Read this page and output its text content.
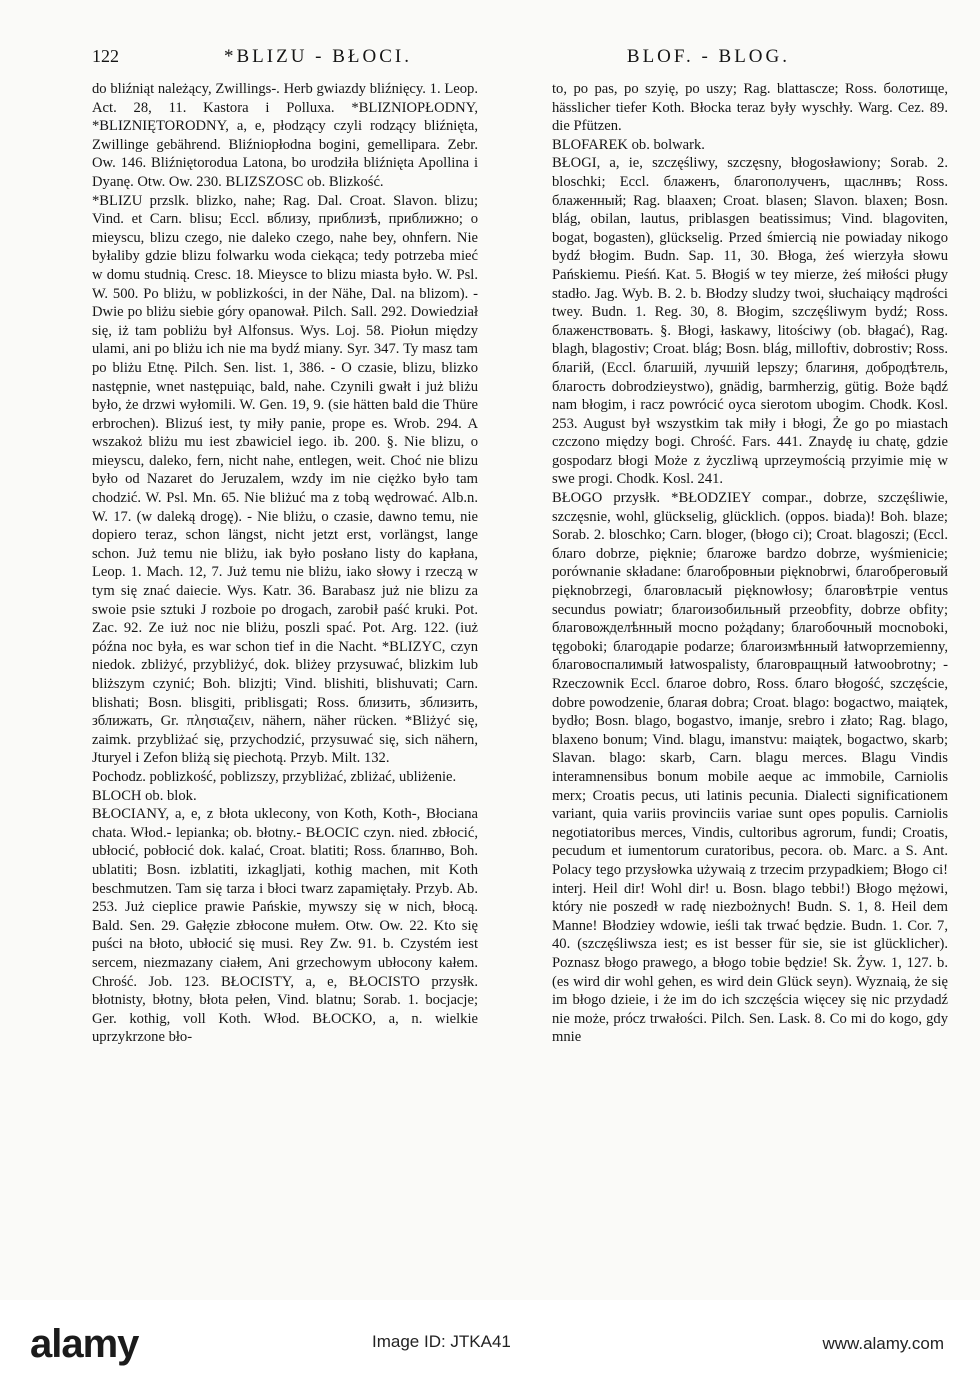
122	*BLIZU - BŁOCI.	BLOF. - BLOG.

do bliźniąt należący, Zwillings-. Herb gwiazdy bliźnięcy. 1. Leop. Act. 28, 11. Kastora i Polluxa. *BLIZNIOPŁODNY, *BLIZNIĘTORODNY, a, e, płodzący czyli rodzący bliźnięta, Zwillinge gebährend. Bliźniopłodna bogini, gemellipara. Zebr. Ow. 146. Bliźniętorodua Latona, bo urodziła bliźnięta Apollina i Dyanę. Otw. Ow. 230. BLIZSZOSC ob. Blizkość.

*BLIZU przslk. blizko, nahe; Rag. Dal. Croat. Slavon. blizu; Vind. et Carn. blisu; Eccl. вблизу, приблизѣ, приближно; o mieyscu, blizu czego, nie daleko czego, nahe bey, ohnfern. Nie byłaliby gdzie blizu folwarku woda ciekąca; tedy potrzeba mieć w domu studnią. Cresc. 18. Mieysce to blizu miasta było. W. Psl. W. 500. Po bliżu, w poblizkości, in der Nähe, Dal. na blizom). - Dwie po bliżu siebie góry opanował. Pilch. Sall. 292. Dowiedział się, iż tam pobliżu był Alfonsus. Wys. Loj. 58. Piołun między ulami, ani po bliżu ich nie ma bydź miany. Syr. 347. Ty masz tam po bliżu Etnę. Pilch. Sen. list. 1, 386. - O czasie, blizu, blizko następnie, wnet następuiąc, bald, nahe. Czynili gwałt i już bliżu było, że drzwi wyłomili. W. Gen. 19, 9. (sie hätten bald die Thüre erbrochen). Blizuś iest, ty miły panie, prope es. Wrob. 294. A wszakoż bliżu mu iest zbawiciel iego. ib. 200. §. Nie blizu, o mieyscu, daleko, fern, nicht nahe, entlegen, weit. Choć nie blizu było od Nazaret do Jeruzalem, wzdy im nie ciężko było tam chodzić. W. Psl. Mn. 65. Nie bliżuć ma z tobą wędrować. Alb.n. W. 17. (w daleką drogę). - Nie bliżu, o czasie, dawno temu, nie dopiero teraz, schon längst, nicht jetzt erst, vorlängst, lange schon. Już temu nie bliżu, iak było posłano listy do kapłana, Leop. 1. Mach. 12, 7. Już temu nie bliżu, iako słowy i rzeczą w tym się znać daiecie. Wys. Katr. 36. Barabasz już nie blizu za swoie psie sztuki J rozboie po drogach, zarobił paść kruki. Pot. Zac. 92. Ze iuż noc nie bliżu, poszli spać. Pot. Arg. 122. (iuż późna noc była, es war schon tief in die Nacht. *BLIZYC, czyn niedok. zbliżyć, przybliżyć, dok. bliżey przysuwać, blizkim lub bliższym czynić; Boh. blizjti; Vind. blishiti, blishuvati; Carn. blishati; Bosn. blisgiti, priblisgati; Ross. близить, зблизить, зближать, Gr. πλησιαζειν, nähern, näher rücken. *Bliżyć się, zaimk. przybliżać się, przychodzić, przysuwać się, sich nähern, Jturyel i Zefon bliżą się piechotą. Przyb. Milt. 132.

Pochodz. poblizkość, poblizszy, przybliżać, zbliżać, ubliżenie.

BLOCH ob. blok.

BŁOCIANY, a, e, z błota uklecony, von Koth, Koth-, Błociana chata. Włod.- lepianka; ob. błotny.- BŁOCIC czyn. nied. zbłocić, ubłocić, pobłocić dok. kalać, Croat. blatiti; Ross. блапнво, Boh. ublatiti; Bosn. izblatiti, izkagljati, kothig machen, mit Koth beschmutzen. Tam się tarza i błoci twarz zapamiętały. Przyb. Ab. 253. Już cieplice prawie Pańskie, mywszy się w nich, błocą. Bald. Sen. 29. Gałęzie zbłocone mułem. Otw. Ow. 22. Kto się puści na błoto, ubłocić się musi. Rey Zw. 91. b. Czystém iest sercem, niezmazany ciałem, Ani grzechowym ubłocony kałem. Chrość. Job. 123. BŁOCISTY, a, e, BŁOCISTO przysłk. błotnisty, błotny, błota pełen, Vind. blatnu; Sorab. 1. bocjacje; Ger. kothig, voll Koth. Włod. BŁOCKO, a, n. wielkie uprzykrzone bło-

to, po pas, po szyię, po uszy; Rag. blattascze; Ross. болотище, hässlicher tiefer Koth. Błocka teraz były wyschły. Warg. Cez. 89. die Pfützen.

BLOFAREK ob. bolwark.

BŁOGI, a, ie, szczęśliwy, szczęsny, błogosławiony; Sorab. 2. bloschki; Eccl. блаженъ, благополученъ, щаслнвъ; Ross. блаженный; Rag. blaaxen; Croat. blasen; Slavon. blaxen; Bosn. blág, obilan, lautus, priblasgen beatissimus; Vind. blagoviten, bogat, bogasten), glückselig. Przed śmiercią nie powiaday nikogo bydź błogim. Budn. Sap. 11, 30. Błoga, żeś wierzyła słowu Pańskiemu. Pieśń. Kat. 5. Błogiś w tey mierze, żeś miłości pługy stadło. Jag. Wyb. B. 2. b. Błodzy sludzy twoi, słuchaiący mądrości twey. Budn. 1. Reg. 30, 8. Błogim, szczęśliwym bydź; Ross. блаженствовать. §. Błogi, łaskawy, litościwy (ob. błagać), Rag. blagh, blagostiv; Croat. blág; Bosn. blág, milloftiv, dobrostiv; Ross. благiй, (Eccl. благшiй, лучшiй lepszy; благиня, добродѣтель, благость dobrodzieystwo), gnädig, barmherzig, gütig. Boże bądź nam błogim, i racz powrócić oyca sierotom ubogim. Chodk. Kosl. 253. August był wszystkim tak miły i błogi, Że go po miastach czczono między bogi. Chrość. Fars. 441. Znaydę iu chatę, gdzie gospodarz błogi Może z życzliwą uprzeymością przyimie mię w swe progi. Chodk. Kosl. 241.

BŁOGO przysłk. *BŁODZIEY compar., dobrze, szczęśliwie, szczęsnie, wohl, glückselig, glücklich. (oppos. biada)! Boh. blaze; Sorab. 2. bloschko; Carn. bloger, (błogo ci); Croat. blagoszi; (Eccl. благо dobrze, pięknie; благоже bardzo dobrze, wyśmienicie; porównanie składane: благобровныи pięknobrwi, благобреговый pięknobrzegi, благовласый pięknowłosy; благовѣтріе ventus secundus powiatr; благоизобильный przeobfity, dobrze obfity; благовожделѣнный mocno pożądany; благобочный mocnoboki, tęgoboki; благодаріе podarze; благоизмѣнный łatwoprzemienny, благовоспалимый łatwospalisty, благовращный łatwoobrotny; - Rzeczownik Eccl. благое dobro, Ross. благо błogość, szczęście, dobre powodzenie, благая dobra; Croat. blago: bogactwo, maiątek, bydło; Bosn. blago, bogastvo, imanje, srebro i złato; Rag. blago, blaxeno bonum; Vind. blagu, imanstvu: maiątek, bogactwo, skarb; Slavan. blago: skarb, Carn. blagu merces. Blagu Vindis interamnensibus bonum mobile aeque ac immobile, Carniolis merx; Croatis pecus, uti latinis pecunia. Dialecti significationem variant, quia variis provinciis variae sunt opes populis. Carniolis negotiatoribus merces, Vindis, cultoribus agrorum, fundi; Croatis, pecudum et iumentorum curatoribus, pecora. ob. Marc. a S. Ant. Polacy tego przysłowka używaią z trzecim przypadkiem; Błogo ci! interj. Heil dir! Wohl dir! u. Bosn. blago tebbi!) Błogo mężowi, który nie poszedł w radę niezbożnych! Budn. S. 1, 8. Heil dem Manne! Błodziey wdowie, ieśli tak trwać będzie. Budn. 1. Cor. 7, 40. (szczęśliwsza iest; es ist besser für sie, sie ist glücklicher). Poznasz błogo prawego, a błogo tobie będzie! Sk. Żyw. 1, 127. b. (es wird dir wohl gehen, es wird dein Glück seyn). Wyznaią, że się im błogo dzieie, i że im do ich szczęścia więcey się nic przydadź nie może, prócz trwałości. Pilch. Sen. Lask. 8. Co mi do kogo, gdy mnie

alamy	Image ID: JTKA41	www.alamy.com
